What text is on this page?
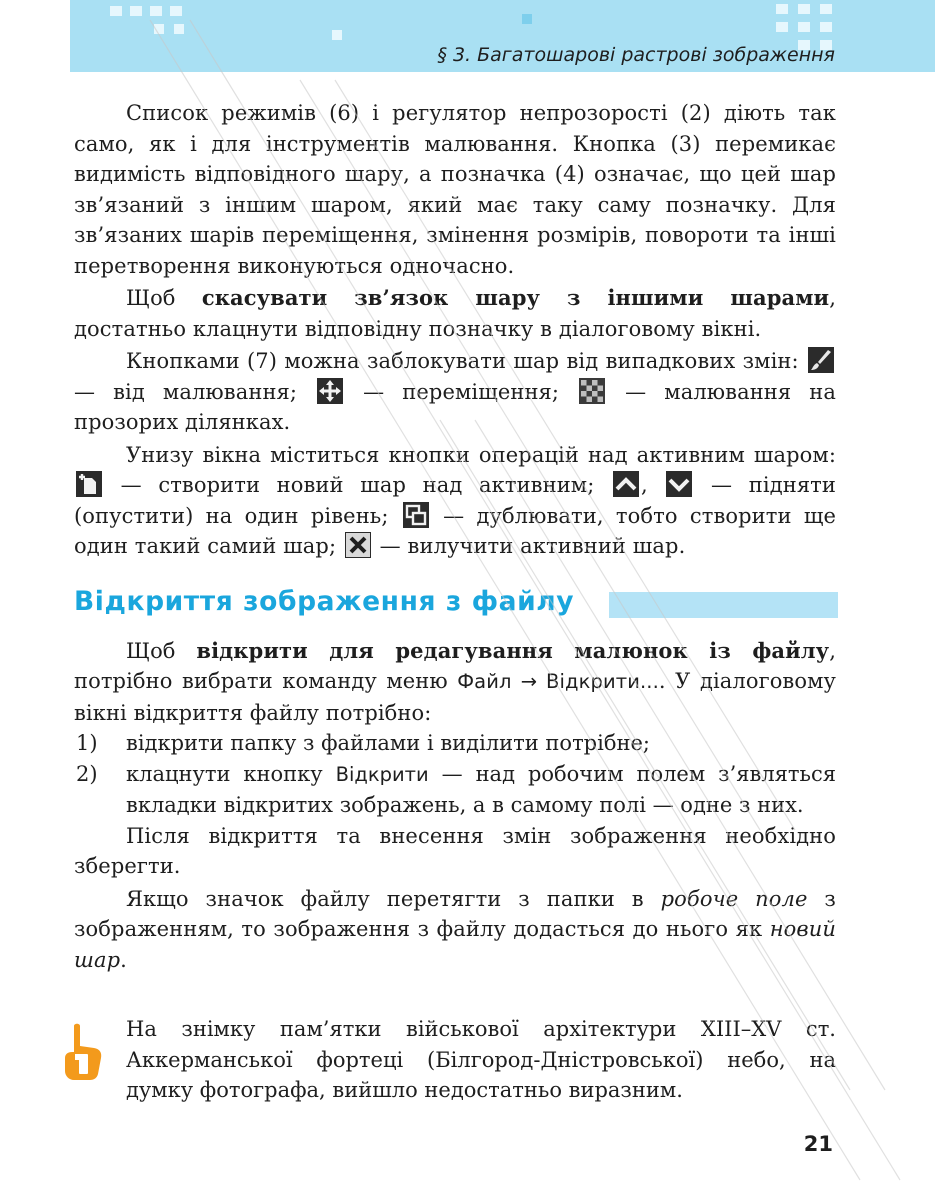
§ 3. Багатошарові растрові зображення

Список режимів (6) і регулятор непрозорості (2) діють так само, як і для інструментів малювання. Кнопка (3) перемикає видимість відповідного шару, а позначка (4) означає, що цей шар зв’язаний з іншим шаром, який має таку саму позначку. Для зв’язаних шарів переміщення, змінення розмірів, повороти та інші перетворення виконуються одночасно.

Щоб скасувати зв’язок шару з іншими шарами, достатньо клацнути відповідну позначку в діалоговому вікні.

Кнопками (7) можна заблокувати шар від випадкових змін:
— від малювання;
— переміщення;
— малювання на прозорих ділянках.

Унизу вікна міститься кнопки операцій над активним шаром:
— створити новий шар над активним;
,
— підняти (опустити) на один рівень;
— дублювати, тобто створити ще один такий самий шар;
— вилучити активний шар.

Відкриття зображення з файлу

Щоб відкрити для редагування малюнок із файлу, потрібно вибрати команду меню Файл → Відкрити.... У діалоговому вікні відкриття файлу потрібно:

1) відкрити папку з файлами і виділити потрібне;
2) клацнути кнопку Відкрити — над робочим полем з’являться вкладки відкритих зображень, а в самому полі — одне з них.

Після відкриття та внесення змін зображення необхідно зберегти.

Якщо значок файлу перетягти з папки в робоче поле з зображенням, то зображення з файлу додасться до нього як новий шар.

На знімку пам’ятки військової архітектури XIII–XV ст. Аккерманської фортеці (Білгород-Дністровської) небо, на думку фотографа, вийшло недостатньо виразним.

21
